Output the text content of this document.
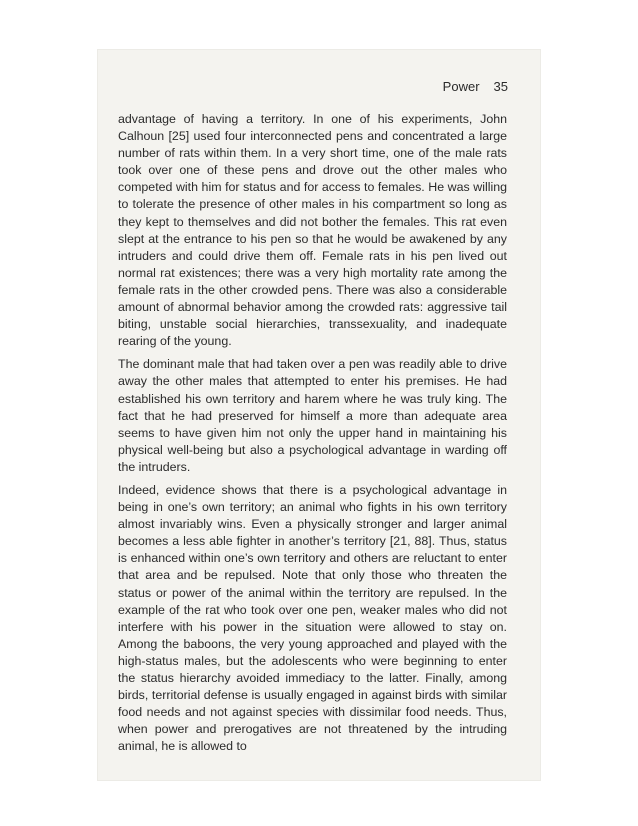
Power 35

advantage of having a territory. In one of his experiments, John Calhoun [25] used four interconnected pens and concentrated a large number of rats within them. In a very short time, one of the male rats took over one of these pens and drove out the other males who competed with him for status and for access to females. He was willing to tolerate the presence of other males in his compartment so long as they kept to themselves and did not bother the females. This rat even slept at the entrance to his pen so that he would be awakened by any intruders and could drive them off. Female rats in his pen lived out normal rat existences; there was a very high mortality rate among the female rats in the other crowded pens. There was also a considerable amount of abnormal behavior among the crowded rats: aggressive tail biting, unstable social hierarchies, transsexuality, and inadequate rearing of the young.

The dominant male that had taken over a pen was readily able to drive away the other males that attempted to enter his premises. He had established his own territory and harem where he was truly king. The fact that he had preserved for himself a more than adequate area seems to have given him not only the upper hand in maintaining his physical well-being but also a psychological advantage in warding off the intruders.

Indeed, evidence shows that there is a psychological advantage in being in one’s own territory; an animal who fights in his own territory almost invariably wins. Even a physically stronger and larger animal becomes a less able fighter in another’s territory [21, 88]. Thus, status is enhanced within one’s own territory and others are reluctant to enter that area and be repulsed. Note that only those who threaten the status or power of the animal within the territory are repulsed. In the example of the rat who took over one pen, weaker males who did not interfere with his power in the situation were allowed to stay on. Among the baboons, the very young approached and played with the high-status males, but the adolescents who were beginning to enter the status hierarchy avoided immediacy to the latter. Finally, among birds, territorial defense is usually engaged in against birds with similar food needs and not against species with dissimilar food needs. Thus, when power and prerogatives are not threatened by the intruding animal, he is allowed to
